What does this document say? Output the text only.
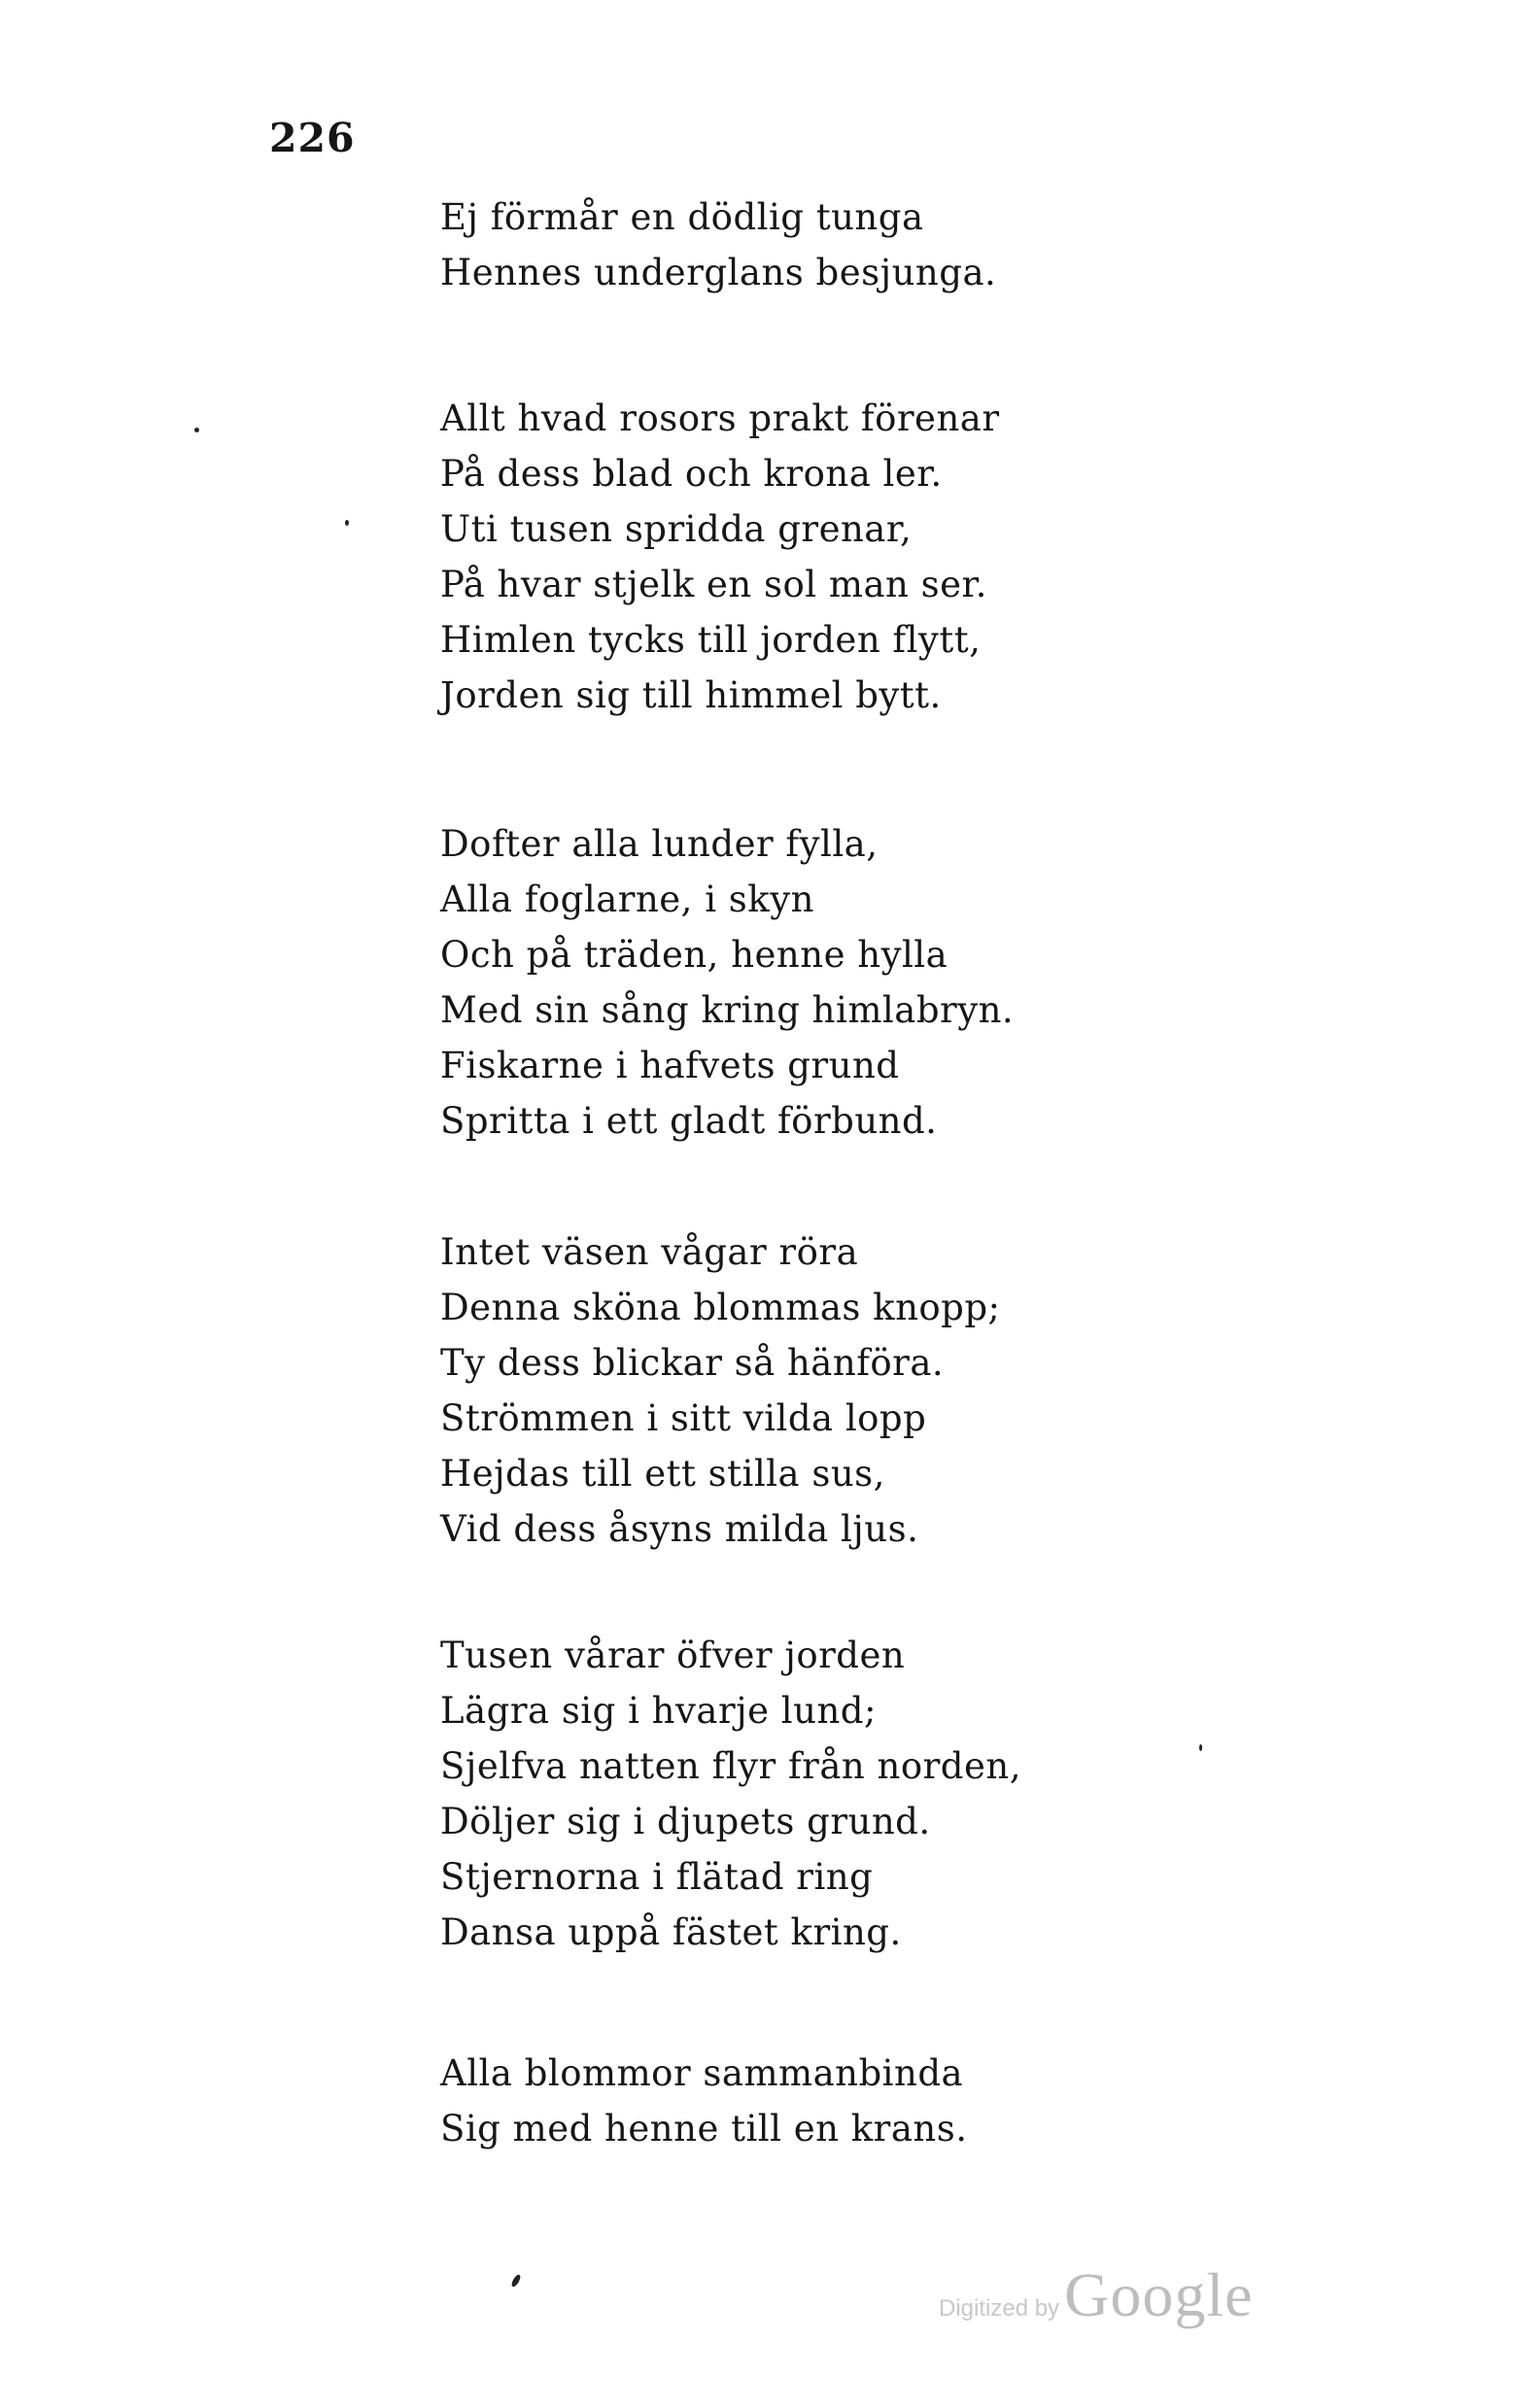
226
Ej förmår en dödlig tunga
Hennes underglans besjunga.
Allt hvad rosors prakt förenar
På dess blad och krona ler.
Uti tusen spridda grenar,
På hvar stjelk en sol man ser.
Himlen tycks till jorden flytt,
Jorden sig till himmel bytt.
Dofter alla lunder fylla,
Alla foglarne, i skyn
Och på träden, henne hylla
Med sin sång kring himlabryn.
Fiskarne i hafvets grund
Spritta i ett gladt förbund.
Intet väsen vågar röra
Denna sköna blommas knopp;
Ty dess blickar så hänföra.
Strömmen i sitt vilda lopp
Hejdas till ett stilla sus,
Vid dess åsyns milda ljus.
Tusen vårar öfver jorden
Lägra sig i hvarje lund;
Sjelfva natten flyr från norden,
Döljer sig i djupets grund.
Stjernorna i flätad ring
Dansa uppå fästet kring.
Alla blommor sammanbinda
Sig med henne till en krans.
Digitized by Google
